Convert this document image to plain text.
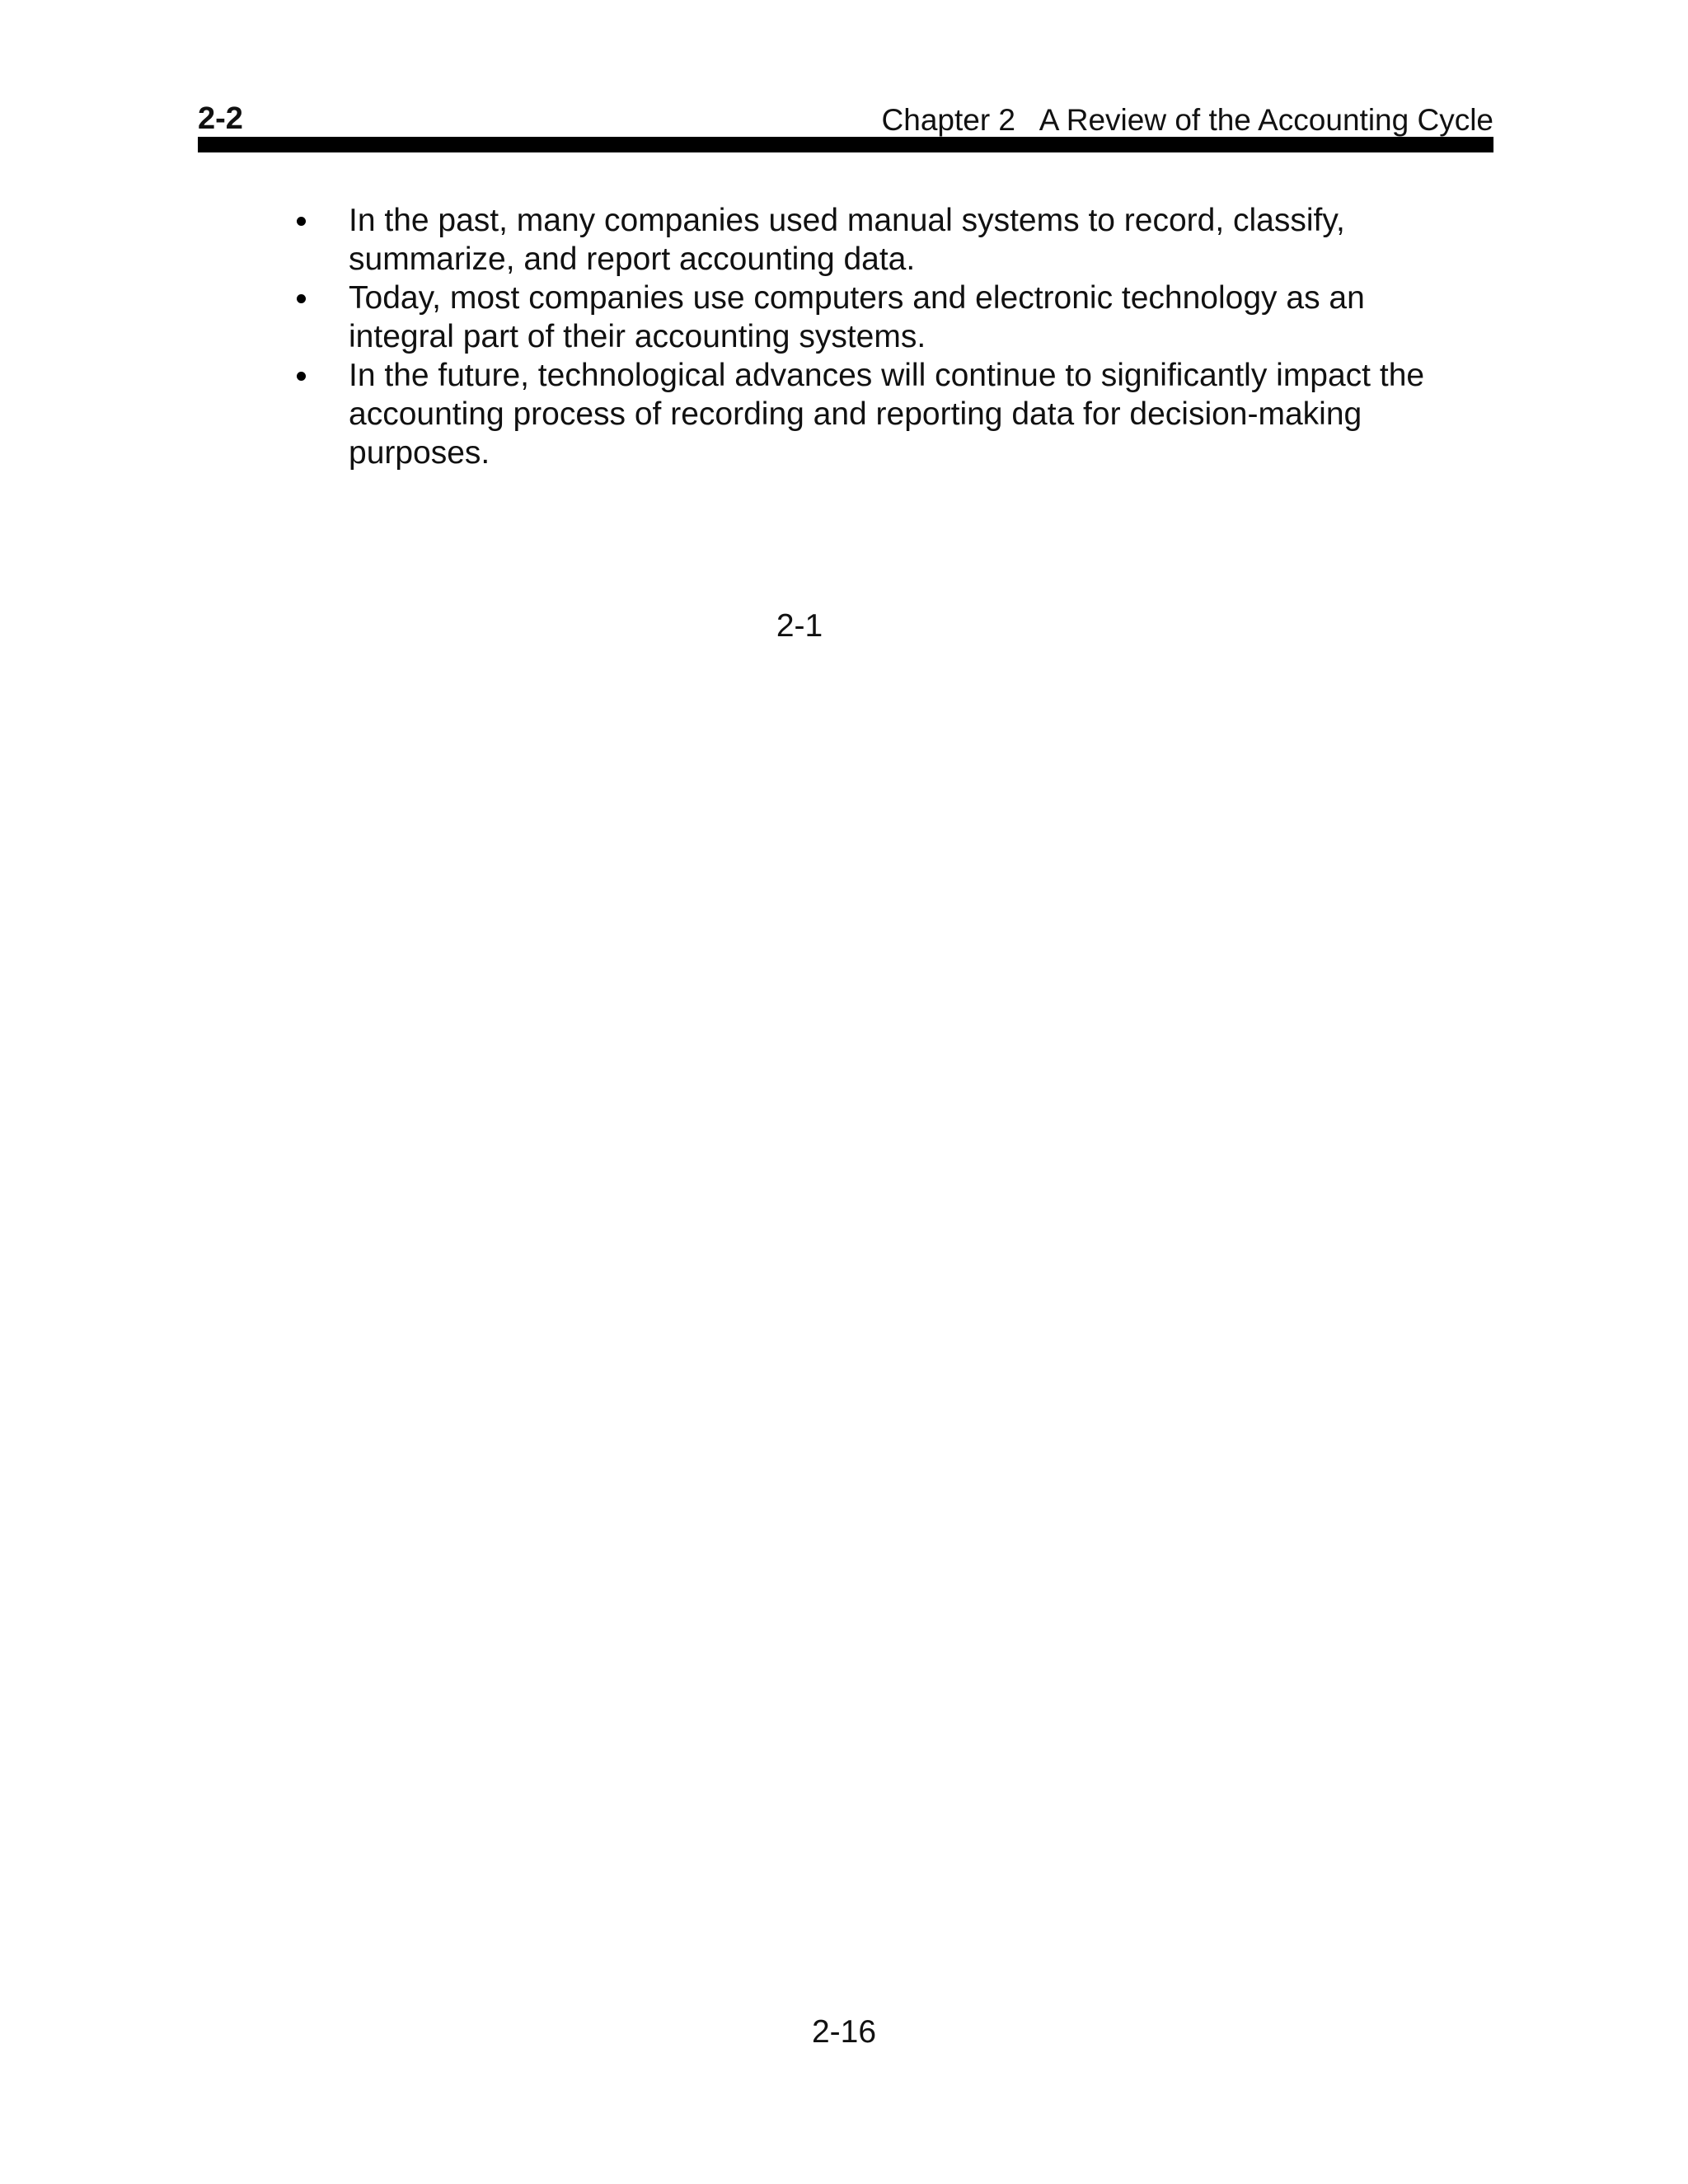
2-2	Chapter 2   A Review of the Accounting Cycle
In the past, many companies used manual systems to record, classify, summarize, and report accounting data.
Today, most companies use computers and electronic technology as an integral part of their accounting systems.
In the future, technological advances will continue to significantly impact the accounting process of recording and reporting data for decision-making purposes.
2-1
2-16
